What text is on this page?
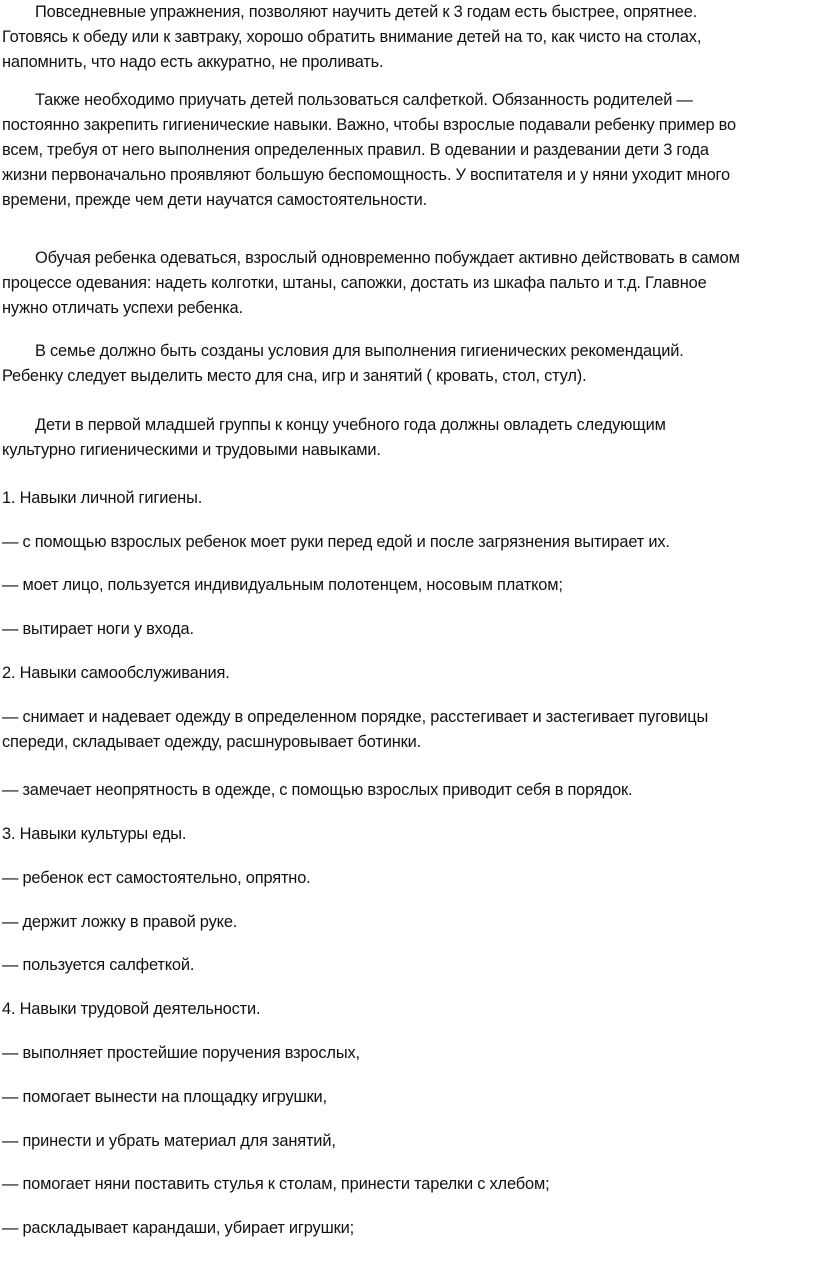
Повседневные упражнения, позволяют научить детей к 3 годам есть быстрее, опрятнее.
Готовясь к обеду или к завтраку, хорошо обратить внимание детей на то, как чисто на столах,
напомнить, что надо есть аккуратно, не проливать.
Также необходимо приучать детей пользоваться салфеткой. Обязанность родителей —
постоянно закрепить гигиенические навыки. Важно, чтобы взрослые подавали ребенку пример во
всем, требуя от него выполнения определенных правил. В одевании и раздевании дети 3 года
жизни первоначально проявляют большую беспомощность. У воспитателя и у няни уходит много
времени, прежде чем дети научатся самостоятельности.
Обучая ребенка одеваться, взрослый одновременно побуждает активно действовать в самом
процессе одевания: надеть колготки, штаны, сапожки, достать из шкафа пальто и т.д. Главное
нужно отличать успехи ребенка.
В семье должно быть созданы условия для выполнения гигиенических рекомендаций.
Ребенку следует выделить место для сна, игр и занятий ( кровать, стол, стул).
Дети в первой младшей группы к концу учебного года должны овладеть следующим
культурно гигиеническими и трудовыми навыками.
1. Навыки личной гигиены.
— с помощью взрослых ребенок моет руки перед едой и после загрязнения вытирает их.
— моет лицо, пользуется индивидуальным полотенцем, носовым платком;
— вытирает ноги у входа.
2. Навыки самообслуживания.
— снимает и надевает одежду в определенном порядке, расстегивает и застегивает пуговицы
спереди, складывает одежду, расшнуровывает ботинки.
— замечает неопрятность в одежде, с помощью взрослых приводит себя в порядок.
3. Навыки культуры еды.
— ребенок ест самостоятельно, опрятно.
— держит ложку в правой руке.
— пользуется салфеткой.
4. Навыки трудовой деятельности.
— выполняет простейшие поручения взрослых,
— помогает вынести на площадку игрушки,
— принести и убрать материал для занятий,
— помогает няни поставить стулья к столам, принести тарелки с хлебом;
— раскладывает карандаши, убирает игрушки;
